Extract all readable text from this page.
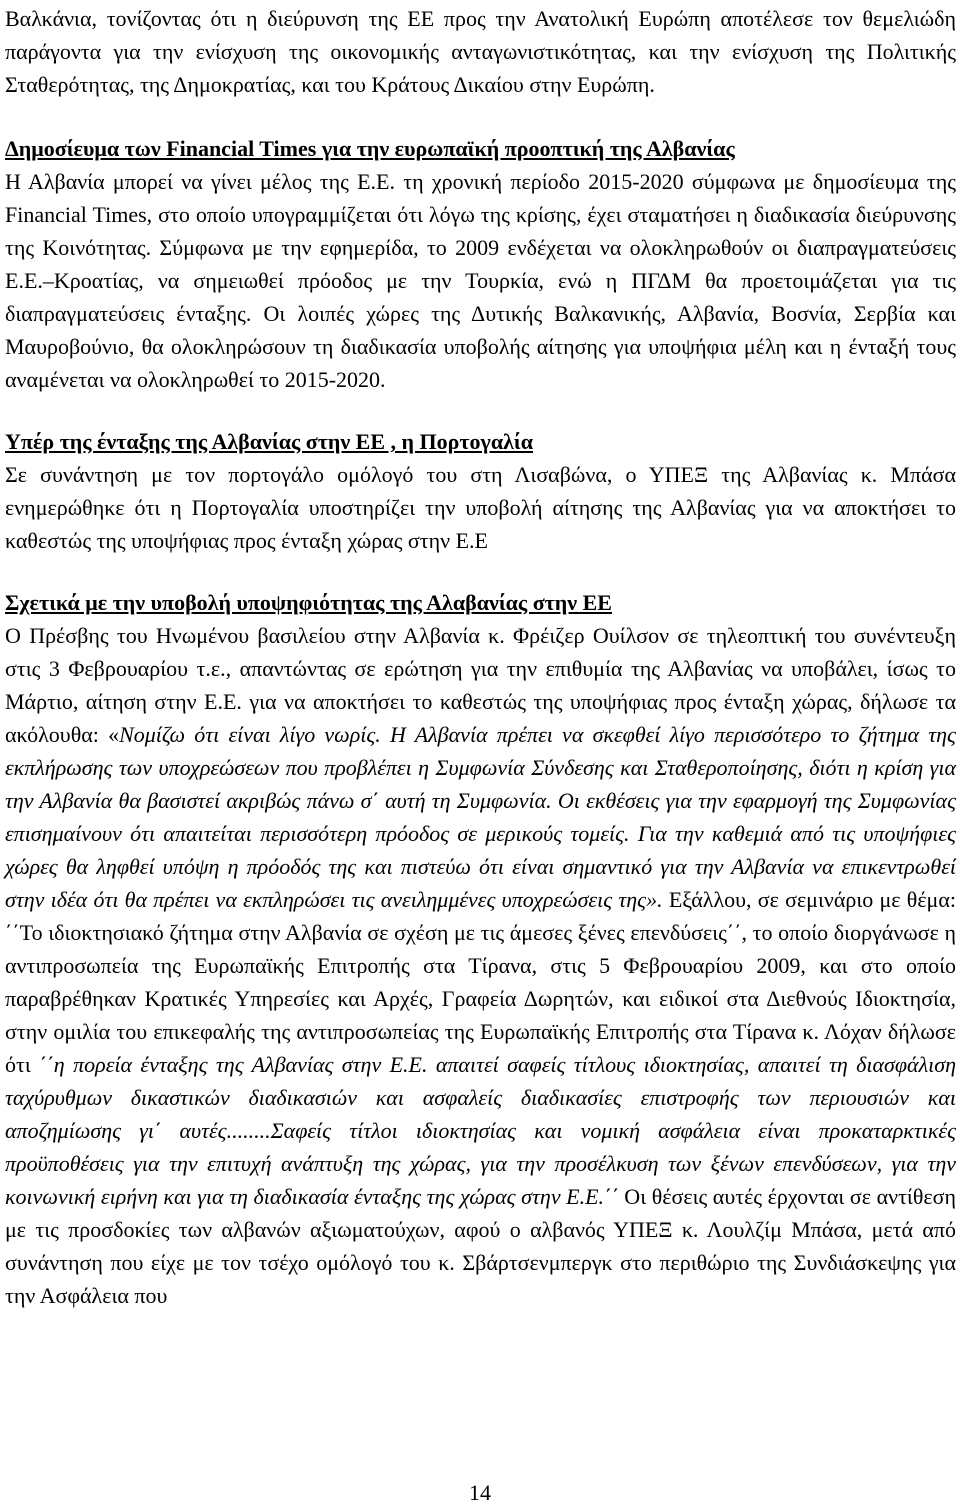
Βαλκάνια, τονίζοντας ότι η διεύρυνση της ΕΕ προς την Ανατολική Ευρώπη αποτέλεσε τον θεμελιώδη παράγοντα για την ενίσχυση της οικονομικής ανταγωνιστικότητας, και την ενίσχυση της Πολιτικής Σταθερότητας, της Δημοκρατίας, και του Κράτους Δικαίου στην Ευρώπη.

Δημοσίευμα των Financial Times για την ευρωπαϊκή προοπτική της Αλβανίας

Η Αλβανία μπορεί να γίνει μέλος της Ε.Ε. τη χρονική περίοδο 2015-2020 σύμφωνα με δημοσίευμα της Financial Times, στο οποίο υπογραμμίζεται ότι λόγω της κρίσης, έχει σταματήσει η διαδικασία διεύρυνσης της Κοινότητας. Σύμφωνα με την εφημερίδα, το 2009 ενδέχεται να ολοκληρωθούν οι διαπραγματεύσεις Ε.Ε.–Κροατίας, να σημειωθεί πρόοδος με την Τουρκία, ενώ η ΠΓΔΜ θα προετοιμάζεται για τις διαπραγματεύσεις ένταξης. Οι λοιπές χώρες της Δυτικής Βαλκανικής, Αλβανία, Βοσνία, Σερβία και Μαυροβούνιο, θα ολοκληρώσουν τη διαδικασία υποβολής αίτησης για υποψήφια μέλη και η ένταξή τους αναμένεται να ολοκληρωθεί το 2015-2020.

Υπέρ της ένταξης της Αλβανίας στην ΕΕ , η Πορτογαλία

Σε συνάντηση με τον πορτογάλο ομόλογό του στη Λισαβώνα, ο ΥΠΕΞ της Αλβανίας κ. Μπάσα ενημερώθηκε ότι η Πορτογαλία υποστηρίζει την υποβολή αίτησης της Αλβανίας για να αποκτήσει το καθεστώς της υποψήφιας προς ένταξη χώρας στην Ε.Ε

Σχετικά με την υποβολή υποψηφιότητας της Αλαβανίας στην ΕΕ

Ο Πρέσβης του Ηνωμένου βασιλείου στην Αλβανία κ. Φρέιζερ Ουίλσον σε τηλεοπτική του συνέντευξη στις 3 Φεβρουαρίου τ.ε., απαντώντας σε ερώτηση για την επιθυμία της Αλβανίας να υποβάλει, ίσως το Μάρτιο, αίτηση στην Ε.Ε. για να αποκτήσει το καθεστώς της υποψήφιας προς ένταξη χώρας, δήλωσε τα ακόλουθα: «Νομίζω ότι είναι λίγο νωρίς. Η Αλβανία πρέπει να σκεφθεί λίγο περισσότερο το ζήτημα της εκπλήρωσης των υποχρεώσεων που προβλέπει η Συμφωνία Σύνδεσης και Σταθεροποίησης, διότι η κρίση για την Αλβανία θα βασιστεί ακριβώς πάνω σ΄ αυτή τη Συμφωνία. Οι εκθέσεις για την εφαρμογή της Συμφωνίας επισημαίνουν ότι απαιτείται περισσότερη πρόοδος σε μερικούς τομείς. Για την καθεμιά από τις υποψήφιες χώρες θα ληφθεί υπόψη η πρόοδός της και πιστεύω ότι είναι σημαντικό για την Αλβανία να επικεντρωθεί στην ιδέα ότι θα πρέπει να εκπληρώσει τις ανειλημμένες υποχρεώσεις της». Εξάλλου, σε σεμινάριο με θέμα: ΄΄Το ιδιοκτησιακό ζήτημα στην Αλβανία σε σχέση με τις άμεσες ξένες επενδύσεις΄΄, το οποίο διοργάνωσε η αντιπροσωπεία της Ευρωπαϊκής Επιτροπής στα Τίρανα, στις 5 Φεβρουαρίου 2009, και στο οποίο παραβρέθηκαν Κρατικές Υπηρεσίες και Αρχές, Γραφεία Δωρητών, και ειδικοί στα Διεθνούς Ιδιοκτησία, στην ομιλία του επικεφαλής της αντιπροσωπείας της Ευρωπαϊκής Επιτροπής στα Τίρανα κ. Λόχαν δήλωσε ότι ΄΄η πορεία ένταξης της Αλβανίας στην Ε.Ε. απαιτεί σαφείς τίτλους ιδιοκτησίας, απαιτεί τη διασφάλιση ταχύρυθμων δικαστικών διαδικασιών και ασφαλείς διαδικασίες επιστροφής των περιουσιών και αποζημίωσης γι΄ αυτές........Σαφείς τίτλοι ιδιοκτησίας και νομική ασφάλεια είναι προκαταρκτικές προϋποθέσεις για την επιτυχή ανάπτυξη της χώρας, για την προσέλκυση των ξένων επενδύσεων, για την κοινωνική ειρήνη και για τη διαδικασία ένταξης της χώρας στην Ε.Ε.΄΄ Οι θέσεις αυτές έρχονται σε αντίθεση με τις προσδοκίες των αλβανών αξιωματούχων, αφού ο αλβανός ΥΠΕΞ κ. Λουλζίμ Μπάσα, μετά από συνάντηση που είχε με τον τσέχο ομόλογό του κ. Σβάρτσενμπεργκ στο περιθώριο της Συνδιάσκεψης για την Ασφάλεια που

14
